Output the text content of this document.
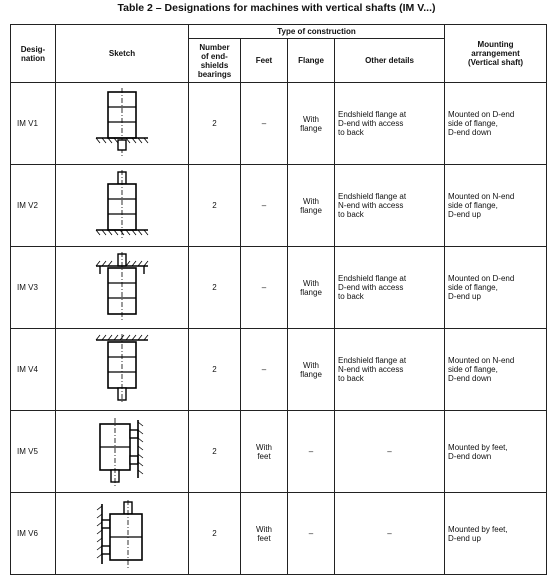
Table 2 – Designations for machines with vertical shafts (IM V...)
Desig-
nation	Sketch	Type of construction				Mounting
arrangement
(Vertical shaft)
		Number
of end-
shields
bearings	Feet	Flange	Other details	
IM V1		2	–	With
flange	Endshield flange at
D-end with access
to back	Mounted on D-end
side of flange,
D-end down
IM V2		2	–	With
flange	Endshield flange at
N-end with access
to back	Mounted on N-end
side of flange,
D-end up
IM V3		2	–	With
flange	Endshield flange at
D-end with access
to back	Mounted on D-end
side of flange,
D-end up
IM V4		2	–	With
flange	Endshield flange at
N-end with access
to back	Mounted on N-end
side of flange,
D-end down
IM V5		2	With
feet	–	–	Mounted by feet,
D-end down
IM V6		2	With
feet	–	–	Mounted by feet,
D-end up
